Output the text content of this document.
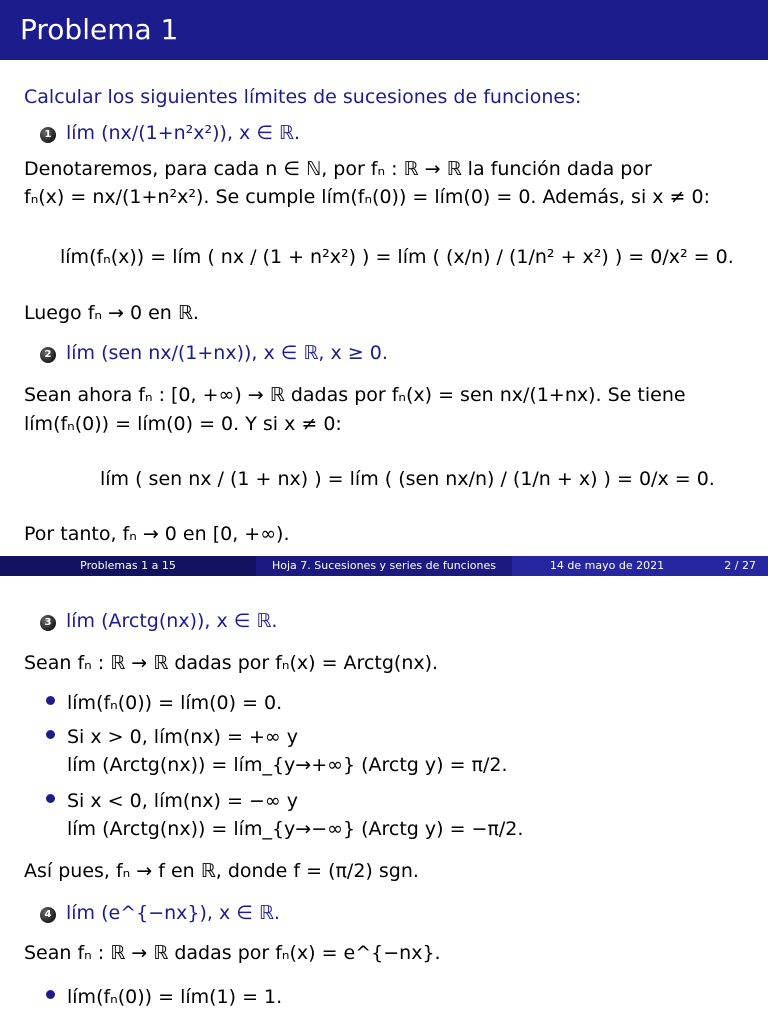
Problema 1
Calcular los siguientes límites de sucesiones de funciones:
1 lím (nx/(1+n²x²)), x ∈ ℝ.
Denotaremos, para cada n ∈ ℕ, por fₙ : ℝ → ℝ la función dada por
fₙ(x) = nx/(1+n²x²). Se cumple lím(fₙ(0)) = lím(0) = 0. Además, si x ≠ 0:
lím(fₙ(x)) = lím ( nx / (1 + n²x²) ) = lím ( (x/n) / (1/n² + x²) ) = 0/x² = 0.
Luego fₙ → 0 en ℝ.
2 lím (sen nx/(1+nx)), x ∈ ℝ, x ≥ 0.
Sean ahora fₙ : [0, +∞) → ℝ dadas por fₙ(x) = sen nx/(1+nx). Se tiene
lím(fₙ(0)) = lím(0) = 0. Y si x ≠ 0:
lím ( sen nx / (1 + nx) ) = lím ( (sen nx/n) / (1/n + x) ) = 0/x = 0.
Por tanto, fₙ → 0 en [0, +∞).
Problemas 1 a 15	Hoja 7. Sucesiones y series de funciones	14 de mayo de 2021	2 / 27
3 lím (Arctg(nx)), x ∈ ℝ.
Sean fₙ : ℝ → ℝ dadas por fₙ(x) = Arctg(nx).
lím(fₙ(0)) = lím(0) = 0.
Si x > 0, lím(nx) = +∞ y
lím (Arctg(nx)) = lím_{y→+∞} (Arctg y) = π/2.
Si x < 0, lím(nx) = −∞ y
lím (Arctg(nx)) = lím_{y→−∞} (Arctg y) = −π/2.
Así pues, fₙ → f en ℝ, donde f = (π/2) sgn.
4 lím (e^{−nx}), x ∈ ℝ.
Sean fₙ : ℝ → ℝ dadas por fₙ(x) = e^{−nx}.
lím(fₙ(0)) = lím(1) = 1.
